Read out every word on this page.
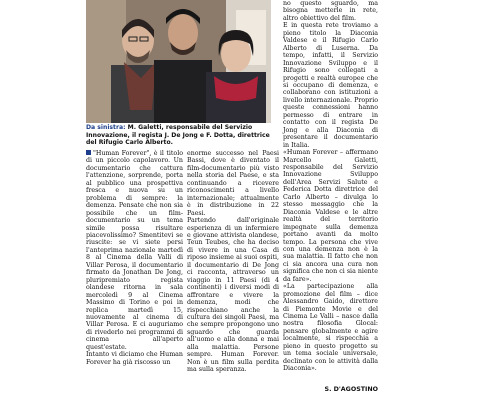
Da sinistra: M. Galetti, responsabile del Servizio Innovazione, il regista J. De Jong e F. Dotta, direttrice del Rifugio Carlo Alberto.

"Human Forever", è il titolo di un piccolo capolavoro. Un documentario che cattura l'attenzione, sorprende, porta al pubblico una prospettiva fresca e nuova su un problema di sempre: la demenza. Pensate che non sia possibile che un film-documentario su un tema simile possa risultare piacevolissimo? Smentitevi se riuscite: se vi siete persi l'anteprima nazionale martedì 8 al Cinema della Valli di Villar Perosa, il documentario firmato da Jonathan De Jong, pluripremiato regista olandese ritorna in sala mercoledì 9 al Cinema Massimo di Torino e poi in replica martedì 15, nuovamente al cinema di Villar Perosa. E ci auguriamo di rivederlo nei programmi di cinema all'aperto quest'estate.

Intanto vi diciamo che Human Forever ha già riscosso un

enorme successo nel Paesi Bassi, dove è diventato il film-documentario più visto nella storia del Paese, e sta continuando a ricevere riconoscimenti a livello internazionale; attualmente è in distribuzione in 22 Paesi.

Partendo dall'originale esperienza di un infermiere e giovane attivista olandese, Teun Teubes, che ha deciso di vivere in una Casa di riposo insieme ai suoi ospiti, il documentario di De Jong ci racconta, attraverso un viaggio in 11 Paesi (di 4 continenti) i diversi modi di affrontare e vivere la demenza, modi che rispecchiano anche la cultura dei singoli Paesi, ma che sempre propongono uno sguardo che guarda all'uomo e alla donna e mai alla malattia. Persone sempre. Human Forever. Non è un film sulla perdita ma sulla speranza.

no questo sguardo, ma bisogna metterle in rete, altro obiettivo del film.

E in questa rete troviamo a pieno titolo la Diaconia Valdese e il Rifugio Carlo Alberto di Luserna. Da tempo, infatti, il Servizio Innovazione Sviluppo e il Rifugio sono collegati a progetti e realtà europee che si occupano di demenza, e collaborano con istituzioni a livello internazionale. Proprio queste connessioni hanno permesso di entrare in contatto con il regista De Jong e alla Diaconia di presentare il documentario in Italia.

«Human Forever – affermano Marcello Galetti, responsabile del Servizio Innovazione Sviluppo dell'Area Servizi Salute e Federica Dotta direttrice del Carlo Alberto – divulga lo stesso messaggio che la Diaconia Valdese e le altre realtà del territorio impegnate sulla demenza portano avanti da molto tempo. La persona che vive con una demenza non è la sua malattia. Il fatto che non ci sia ancora una cura non significa che non ci sia niente da fare».

«La partecipazione alla promozione del film – dice Alessandro Gaido, direttore di Piemonte Movie e del Cinema Le Valli – nasce dalla nostra filosofia Glocal: pensare globalmente e agire localmente, si rispecchia a pieno in questo progetto su un tema sociale universale, declinato con le attività dalla Diaconia».

S. D'AGOSTINO
